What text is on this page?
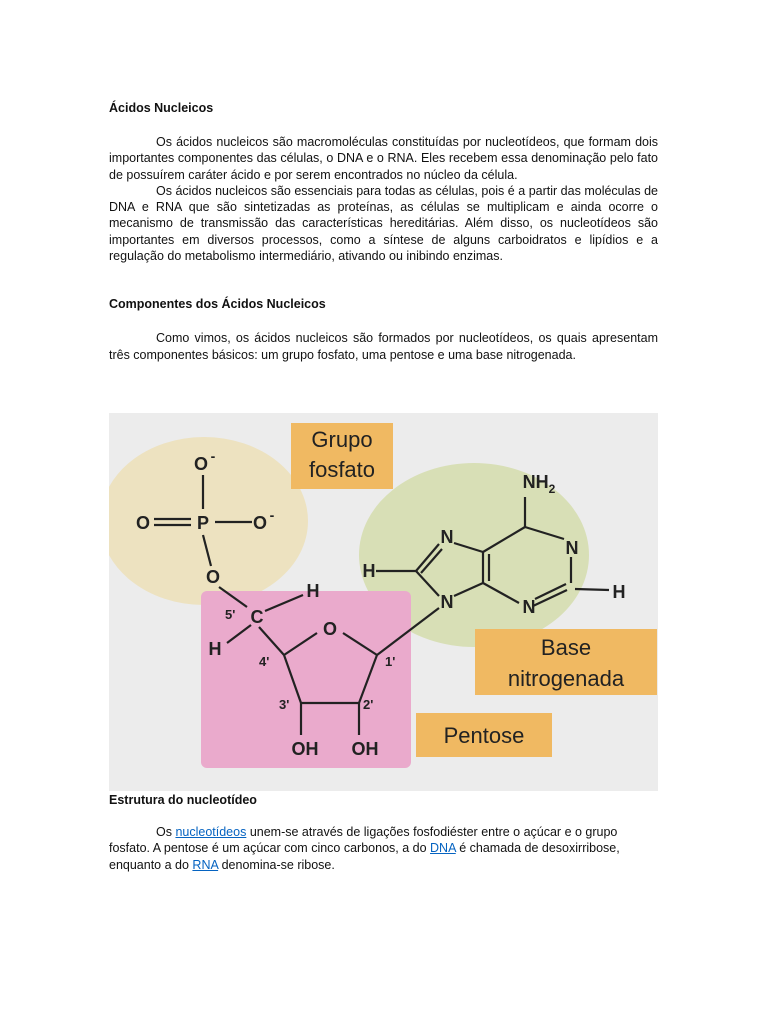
Ácidos Nucleicos

Os ácidos nucleicos são macromoléculas constituídas por nucleotídeos, que formam dois importantes componentes das células, o DNA e o RNA. Eles recebem essa denominação pelo fato de possuírem caráter ácido e por serem encontrados no núcleo da célula.

Os ácidos nucleicos são essenciais para todas as células, pois é a partir das moléculas de DNA e RNA que são sintetizadas as proteínas, as células se multiplicam e ainda ocorre o mecanismo de transmissão das características hereditárias. Além disso, os nucleotídeos são importantes em diversos processos, como a síntese de alguns carboidratos e lipídios e a regulação do metabolismo intermediário, ativando ou inibindo enzimas.

Componentes dos Ácidos Nucleicos

Como vimos, os ácidos nucleicos são formados por nucleotídeos, os quais apresentam três componentes básicos: um grupo fosfato, uma pentose e uma base nitrogenada.

Grupo
fosfato
Base
nitrogenada
Pentose
O -
O	P O -
O
C
H
H
O
OH OH
$NH_2$
N
N
N	N
H
H
5'
4'
3'	2'
1'
Estrutura do nucleotídeo

Os nucleotídeos unem-se através de ligações fosfodiéster entre o açúcar e o grupo fosfato. A pentose é um açúcar com cinco carbonos, a do DNA é chamada de desoxirribose, enquanto a do RNA denomina-se ribose.
